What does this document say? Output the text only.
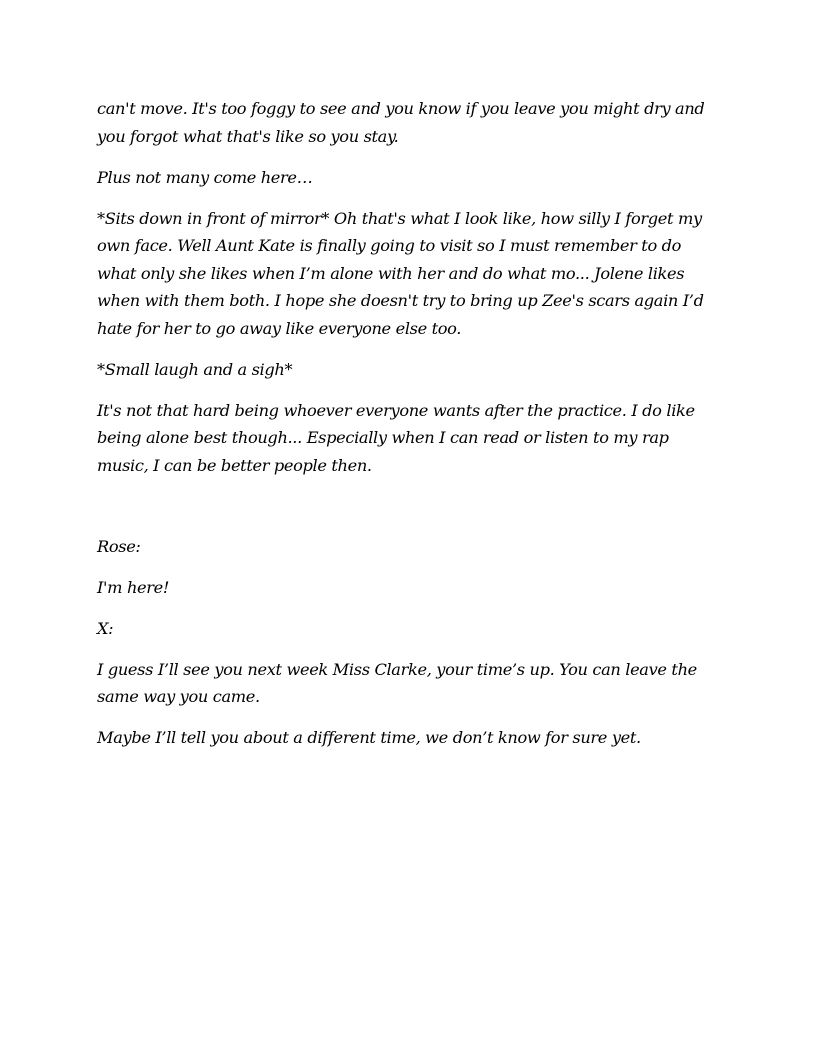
can't move. It's too foggy to see and you know if you leave you might dry and you forgot what that's like so you stay.

Plus not many come here…

*Sits down in front of mirror* Oh that's what I look like, how silly I forget my own face. Well Aunt Kate is finally going to visit so I must remember to do what only she likes when I’m alone with her and do what mo... Jolene likes when with them both. I hope she doesn't try to bring up Zee's scars again I’d hate for her to go away like everyone else too.

*Small laugh and a sigh*

It's not that hard being whoever everyone wants after the practice. I do like being alone best though... Especially when I can read or listen to my rap music, I can be better people then.

Rose:

I'm here!

X:

I guess I’ll see you next week Miss Clarke, your time’s up. You can leave the same way you came.

Maybe I’ll tell you about a different time, we don’t know for sure yet.
